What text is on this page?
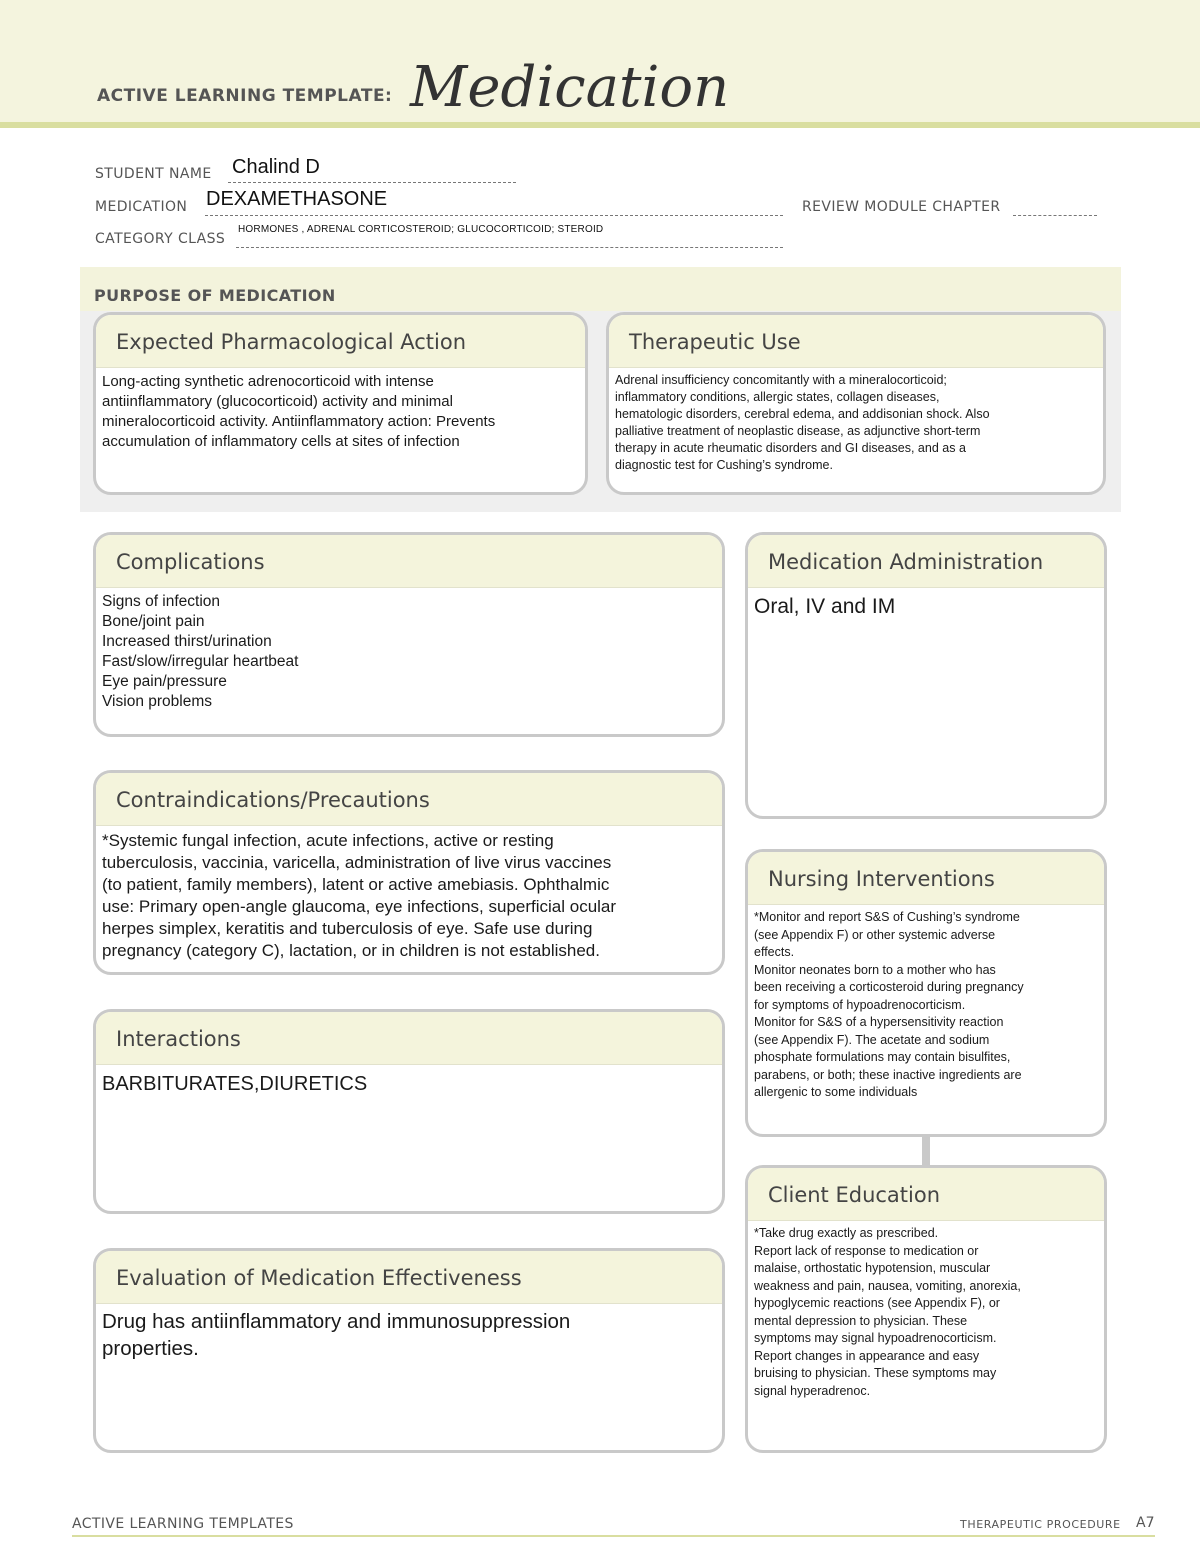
ACTIVE LEARNING TEMPLATE: Medication
STUDENT NAME Chalind D
MEDICATION DEXAMETHASONE	REVIEW MODULE CHAPTER
CATEGORY CLASS
HORMONES , ADRENAL CORTICOSTEROID; GLUCOCORTICOID; STEROID
PURPOSE OF MEDICATION
Expected Pharmacological Action
Long-acting synthetic adrenocorticoid with intense
antiinflammatory (glucocorticoid) activity and minimal
mineralocorticoid activity. Antiinflammatory action: Prevents
accumulation of inflammatory cells at sites of infection
Therapeutic Use
Adrenal insufficiency concomitantly with a mineralocorticoid;
inflammatory conditions, allergic states, collagen diseases,
hematologic disorders, cerebral edema, and addisonian shock. Also
palliative treatment of neoplastic disease, as adjunctive short-term
therapy in acute rheumatic disorders and GI diseases, and as a
diagnostic test for Cushing’s syndrome.
Complications
Signs of infection
Bone/joint pain
Increased thirst/urination
Fast/slow/irregular heartbeat
Eye pain/pressure
Vision problems
Medication Administration
Oral, IV and IM
Contraindications/Precautions
*Systemic fungal infection, acute infections, active or resting
tuberculosis, vaccinia, varicella, administration of live virus vaccines
(to patient, family members), latent or active amebiasis. Ophthalmic
use: Primary open-angle glaucoma, eye infections, superficial ocular
herpes simplex, keratitis and tuberculosis of eye. Safe use during
pregnancy (category C), lactation, or in children is not established.
Nursing Interventions
*Monitor and report S&S of Cushing’s syndrome
(see Appendix F) or other systemic adverse
effects.
Monitor neonates born to a mother who has
been receiving a corticosteroid during pregnancy
for symptoms of hypoadrenocorticism.
Monitor for S&S of a hypersensitivity reaction
(see Appendix F). The acetate and sodium
phosphate formulations may contain bisulfites,
parabens, or both; these inactive ingredients are
allergenic to some individuals
Interactions
BARBITURATES,DIURETICS
Client Education
*Take drug exactly as prescribed.
Report lack of response to medication or
malaise, orthostatic hypotension, muscular
weakness and pain, nausea, vomiting, anorexia,
hypoglycemic reactions (see Appendix F), or
mental depression to physician. These
symptoms may signal hypoadrenocorticism.
Report changes in appearance and easy
bruising to physician. These symptoms may
signal hyperadrenoc.
Evaluation of Medication Effectiveness
Drug has antiinflammatory and immunosuppression
properties.
ACTIVE LEARNING TEMPLATES	THERAPEUTIC PROCEDURE A7
